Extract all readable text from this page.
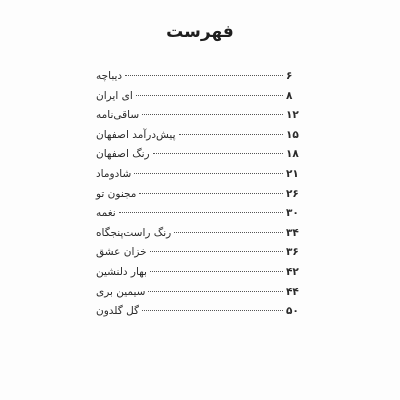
فهرست
دیباچه	۶
ای ایران	۸
ساقی‌نامه	۱۲
پیش‌درآمد اصفهان	۱۵
رنگ اصفهان	۱۸
شادوماد	۲۱
مجنون تو	۲۶
نغمه	۳۰
رنگ راست‌پنجگاه	۳۴
خزان عشق	۳۶
بهار دلنشین	۴۲
سیمین بری	۴۴
گل گلدون	۵۰
